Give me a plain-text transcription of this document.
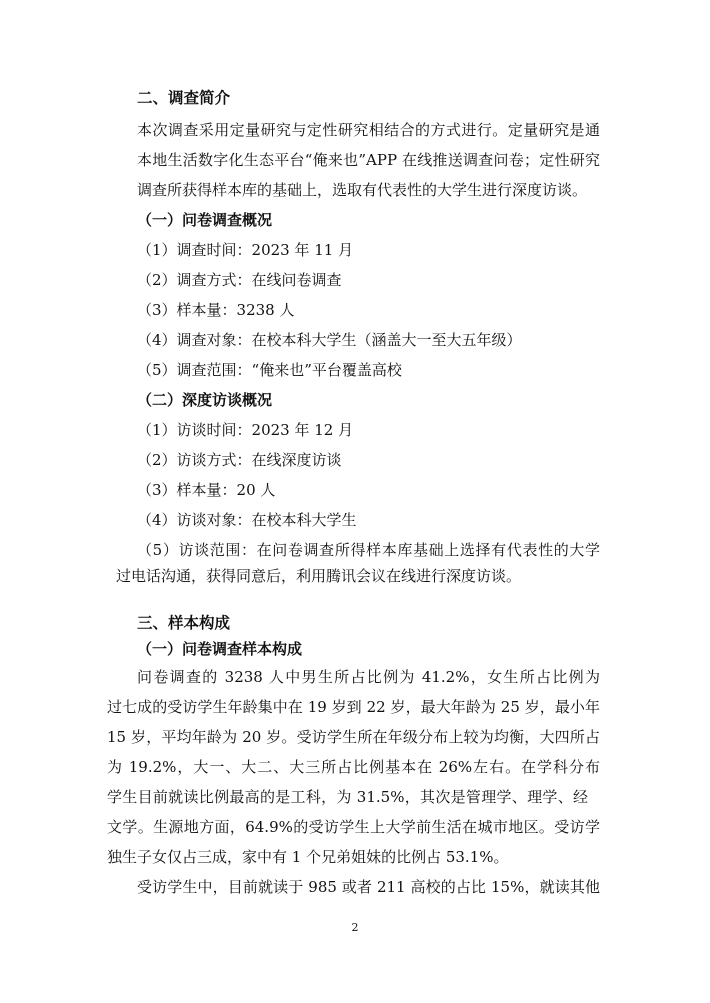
二、调查简介

本次调查采用定量研究与定性研究相结合的方式进行。定量研究是通

本地生活数字化生态平台“俺来也”APP 在线推送调查问卷；定性研究

调查所获得样本库的基础上，选取有代表性的大学生进行深度访谈。

（一）问卷调查概况

（1）调查时间：2023 年 11 月

（2）调查方式：在线问卷调查

（3）样本量：3238 人

（4）调查对象：在校本科大学生（涵盖大一至大五年级）

（5）调查范围：“俺来也”平台覆盖高校

（二）深度访谈概况

（1）访谈时间：2023 年 12 月

（2）访谈方式：在线深度访谈

（3）样本量：20 人

（4）访谈对象：在校本科大学生

（5）访谈范围：在问卷调查所得样本库基础上选择有代表性的大学

过电话沟通，获得同意后，利用腾讯会议在线进行深度访谈。

三、样本构成

（一）问卷调查样本构成

问卷调查的 3238 人中男生所占比例为 41.2%，女生所占比例为

过七成的受访学生年龄集中在 19 岁到 22 岁，最大年龄为 25 岁，最小年

15 岁，平均年龄为 20 岁。受访学生所在年级分布上较为均衡，大四所占

为 19.2%，大一、大二、大三所占比例基本在 26%左右。在学科分布

学生目前就读比例最高的是工科，为 31.5%，其次是管理学、理学、经

文学。生源地方面，64.9%的受访学生上大学前生活在城市地区。受访学

独生子女仅占三成，家中有 1 个兄弟姐妹的比例占 53.1%。

受访学生中，目前就读于 985 或者 211 高校的占比 15%，就读其他

2
